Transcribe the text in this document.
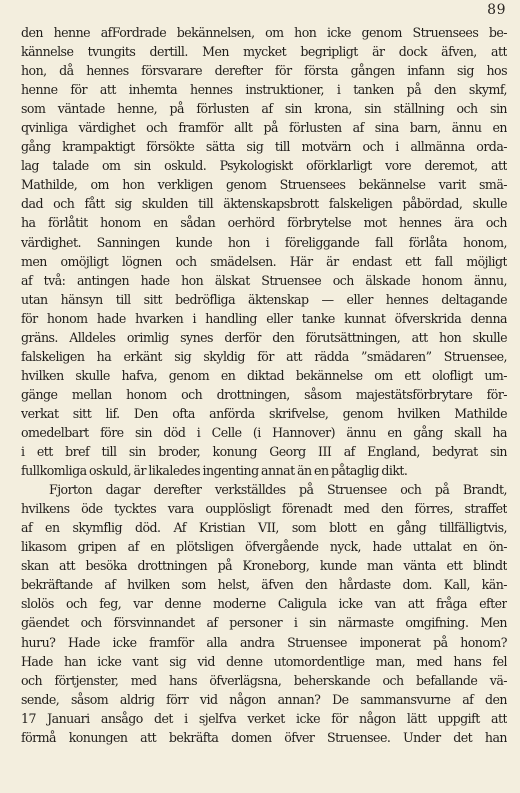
89
den henne afFordrade bekännelsen, om hon icke genom Struensees be-
kännelse tvungits dertill. Men mycket begripligt är dock äfven, att
hon, då hennes försvarare derefter för första gången infann sig hos
henne för att inhemta hennes instruktioner, i tanken på den skymf,
som väntade henne, på förlusten af sin krona, sin ställning och sin
qvinliga värdighet och framför allt på förlusten af sina barn, ännu en
gång krampaktigt försökte sätta sig till motvärn och i allmänna orda-
lag talade om sin oskuld. Psykologiskt oförklarligt vore deremot, att
Mathilde, om hon verkligen genom Struensees bekännelse varit smä-
dad och fått sig skulden till äktenskapsbrott falskeligen påbördad, skulle
ha förlåtit honom en sådan oerhörd förbrytelse mot hennes ära och
värdighet. Sanningen kunde hon i föreliggande fall förlåta honom,
men omöjligt lögnen och smädelsen. Här är endast ett fall möjligt
af två: antingen hade hon älskat Struensee och älskade honom ännu,
utan hänsyn till sitt bedröfliga äktenskap — eller hennes deltagande
för honom hade hvarken i handling eller tanke kunnat öfverskrida denna
gräns. Alldeles orimlig synes derför den förutsättningen, att hon skulle
falskeligen ha erkänt sig skyldig för att rädda ”smädaren” Struensee,
hvilken skulle hafva, genom en diktad bekännelse om ett olofligt um-
gänge mellan honom och drottningen, såsom majestätsförbrytare för-
verkat sitt lif. Den ofta anförda skrifvelse, genom hvilken Mathilde
omedelbart före sin död i Celle (i Hannover) ännu en gång skall ha
i ett bref till sin broder, konung Georg III af England, bedyrat sin
fullkomliga oskuld, är likaledes ingenting annat än en påtaglig dikt.
Fjorton dagar derefter verkställdes på Struensee och på Brandt,
hvilkens öde tycktes vara oupplösligt förenadt med den förres, straffet
af en skymflig död. Af Kristian VII, som blott en gång tillfälligtvis,
likasom gripen af en plötsligen öfvergående nyck, hade uttalat en ön-
skan att besöka drottningen på Kroneborg, kunde man vänta ett blindt
bekräftande af hvilken som helst, äfven den hårdaste dom. Kall, kän-
slolös och feg, var denne moderne Caligula icke van att fråga efter
gäendet och försvinnandet af personer i sin närmaste omgifning. Men
huru? Hade icke framför alla andra Struensee imponerat på honom?
Hade han icke vant sig vid denne utomordentlige man, med hans fel
och förtjenster, med hans öfverlägsna, beherskande och befallande vä-
sende, såsom aldrig förr vid någon annan? De sammansvurne af den
17 Januari ansågo det i sjelfva verket icke för någon lätt uppgift att
förmå konungen att bekräfta domen öfver Struensee. Under det han
